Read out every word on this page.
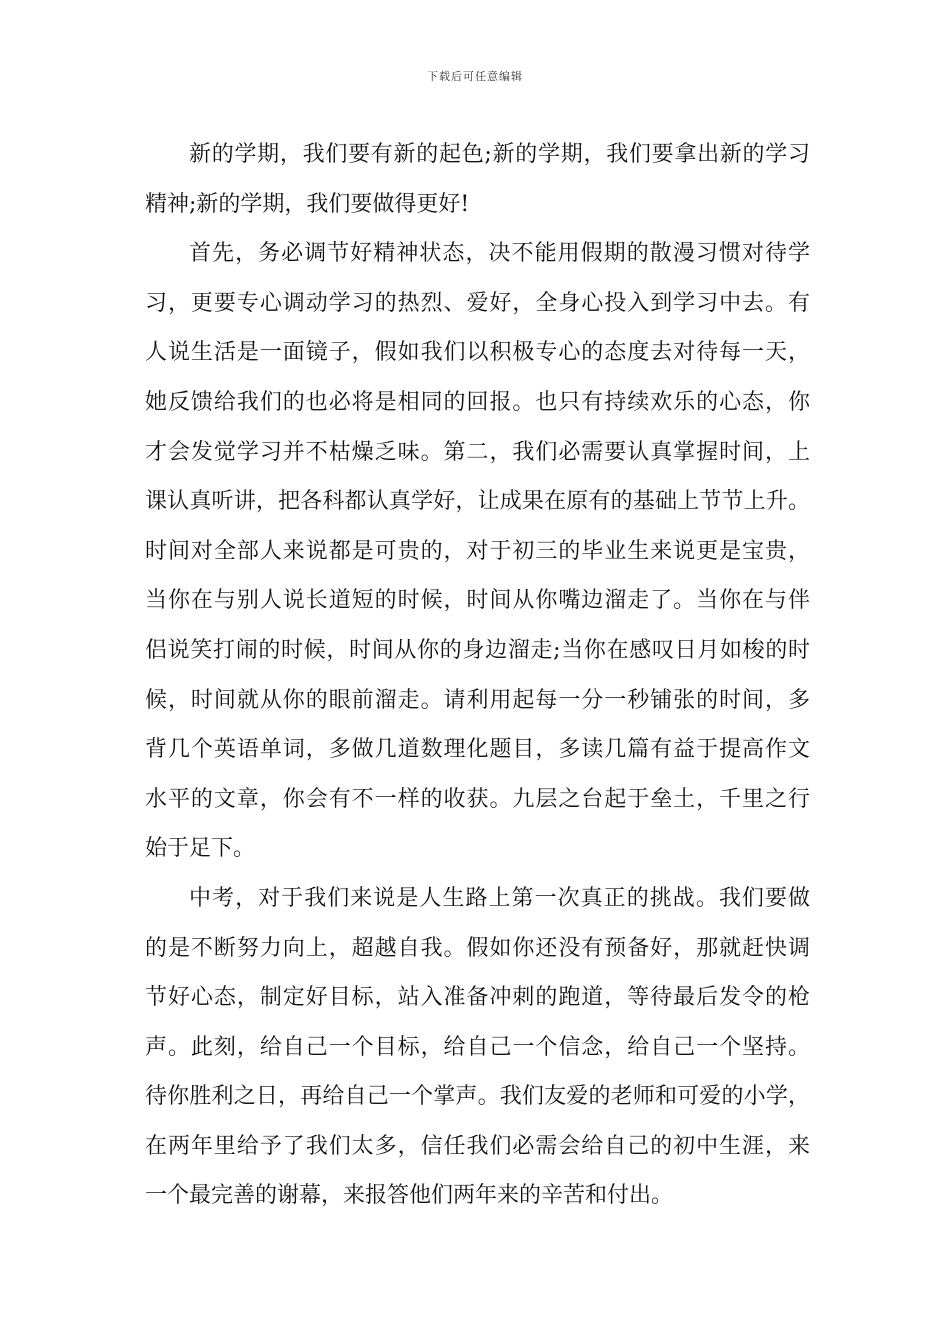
下载后可任意编辑
新的学期，我们要有新的起色;新的学期，我们要拿出新的学习
精神;新的学期，我们要做得更好!
首先，务必调节好精神状态，决不能用假期的散漫习惯对待学
习，更要专心调动学习的热烈、爱好，全身心投入到学习中去。有
人说生活是一面镜子，假如我们以积极专心的态度去对待每一天，
她反馈给我们的也必将是相同的回报。也只有持续欢乐的心态，你
才会发觉学习并不枯燥乏味。第二，我们必需要认真掌握时间，上
课认真听讲，把各科都认真学好，让成果在原有的基础上节节上升。
时间对全部人来说都是可贵的，对于初三的毕业生来说更是宝贵，
当你在与别人说长道短的时候，时间从你嘴边溜走了。当你在与伴
侣说笑打闹的时候，时间从你的身边溜走;当你在感叹日月如梭的时
候，时间就从你的眼前溜走。请利用起每一分一秒铺张的时间，多
背几个英语单词，多做几道数理化题目，多读几篇有益于提高作文
水平的文章，你会有不一样的收获。九层之台起于垒土，千里之行
始于足下。
中考，对于我们来说是人生路上第一次真正的挑战。我们要做
的是不断努力向上，超越自我。假如你还没有预备好，那就赶快调
节好心态，制定好目标，站入准备冲刺的跑道，等待最后发令的枪
声。此刻，给自己一个目标，给自己一个信念，给自己一个坚持。
待你胜利之日，再给自己一个掌声。我们友爱的老师和可爱的小学，
在两年里给予了我们太多，信任我们必需会给自己的初中生涯，来
一个最完善的谢幕，来报答他们两年来的辛苦和付出。
